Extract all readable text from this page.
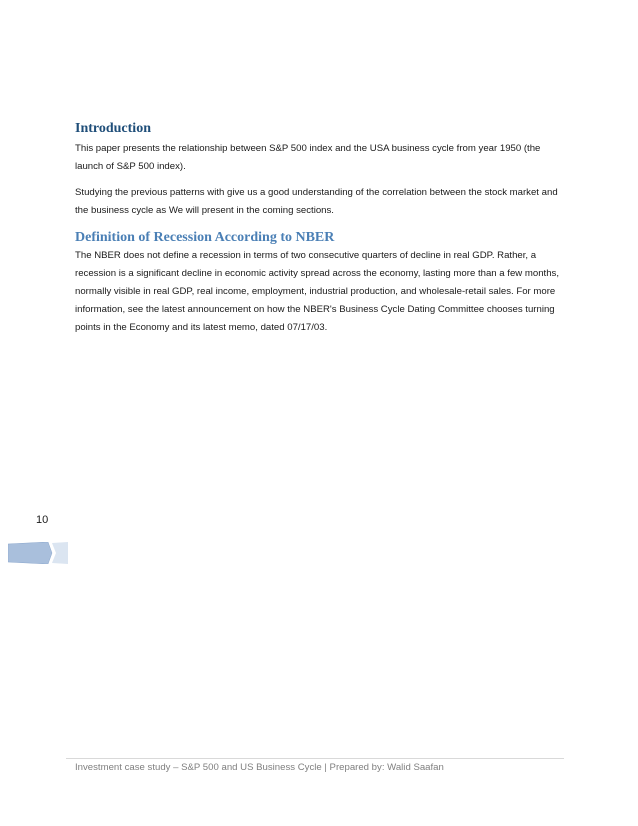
Introduction

This paper presents the relationship between S&P 500 index and the USA business cycle from year 1950 (the launch of S&P 500 index).

Studying the previous patterns with give us a good understanding of the correlation between the stock market and the business cycle as We will present in the coming sections.

Definition of Recession According to NBER

The NBER does not define a recession in terms of two consecutive quarters of decline in real GDP. Rather, a recession is a significant decline in economic activity spread across the economy, lasting more than a few months, normally visible in real GDP, real income, employment, industrial production, and wholesale-retail sales. For more information, see the latest announcement on how the NBER's Business Cycle Dating Committee chooses turning points in the Economy and its latest memo, dated 07/17/03.

10
Investment case study – S&P 500 and US Business Cycle | Prepared by: Walid Saafan
